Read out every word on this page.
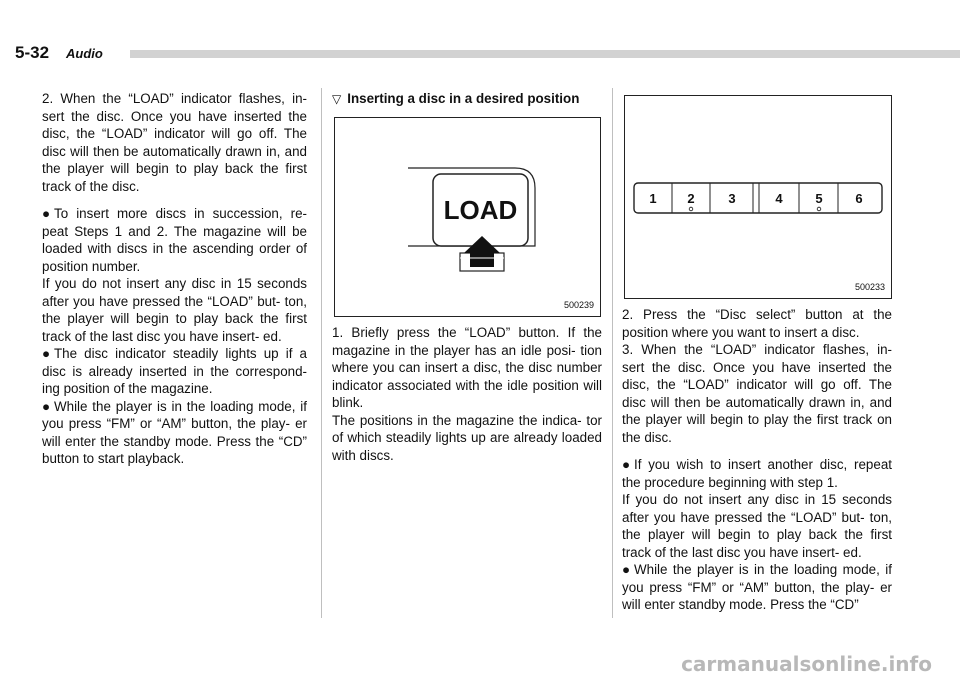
5-32 Audio

2. When the “LOAD” indicator flashes, in- sert the disc. Once you have inserted the disc, the “LOAD” indicator will go off. The disc will then be automatically drawn in, and the player will begin to play back the first track of the disc.

● To insert more discs in succession, re- peat Steps 1 and 2. The magazine will be loaded with discs in the ascending order of position number.

If you do not insert any disc in 15 seconds after you have pressed the “LOAD” but- ton, the player will begin to play back the first track of the last disc you have insert- ed.

● The disc indicator steadily lights up if a disc is already inserted in the correspond- ing position of the magazine.

● While the player is in the loading mode, if you press “FM” or “AM” button, the play- er will enter the standby mode. Press the “CD” button to start playback.

▽ Inserting a disc in a desired position
LOAD
500239

1. Briefly press the “LOAD” button. If the magazine in the player has an idle posi- tion where you can insert a disc, the disc number indicator associated with the idle position will blink.

The positions in the magazine the indica- tor of which steadily lights up are already loaded with discs.

1 2	3	4	5	6
500233

2. Press the “Disc select” button at the position where you want to insert a disc.

3. When the “LOAD” indicator flashes, in- sert the disc. Once you have inserted the disc, the “LOAD” indicator will go off. The disc will then be automatically drawn in, and the player will begin to play the first track on the disc.

● If you wish to insert another disc, repeat the procedure beginning with step 1.

If you do not insert any disc in 15 seconds after you have pressed the “LOAD” but- ton, the player will begin to play back the first track of the last disc you have insert- ed.

● While the player is in the loading mode, if you press “FM” or “AM” button, the play- er will enter standby mode. Press the “CD”

carmanualsonline.info
